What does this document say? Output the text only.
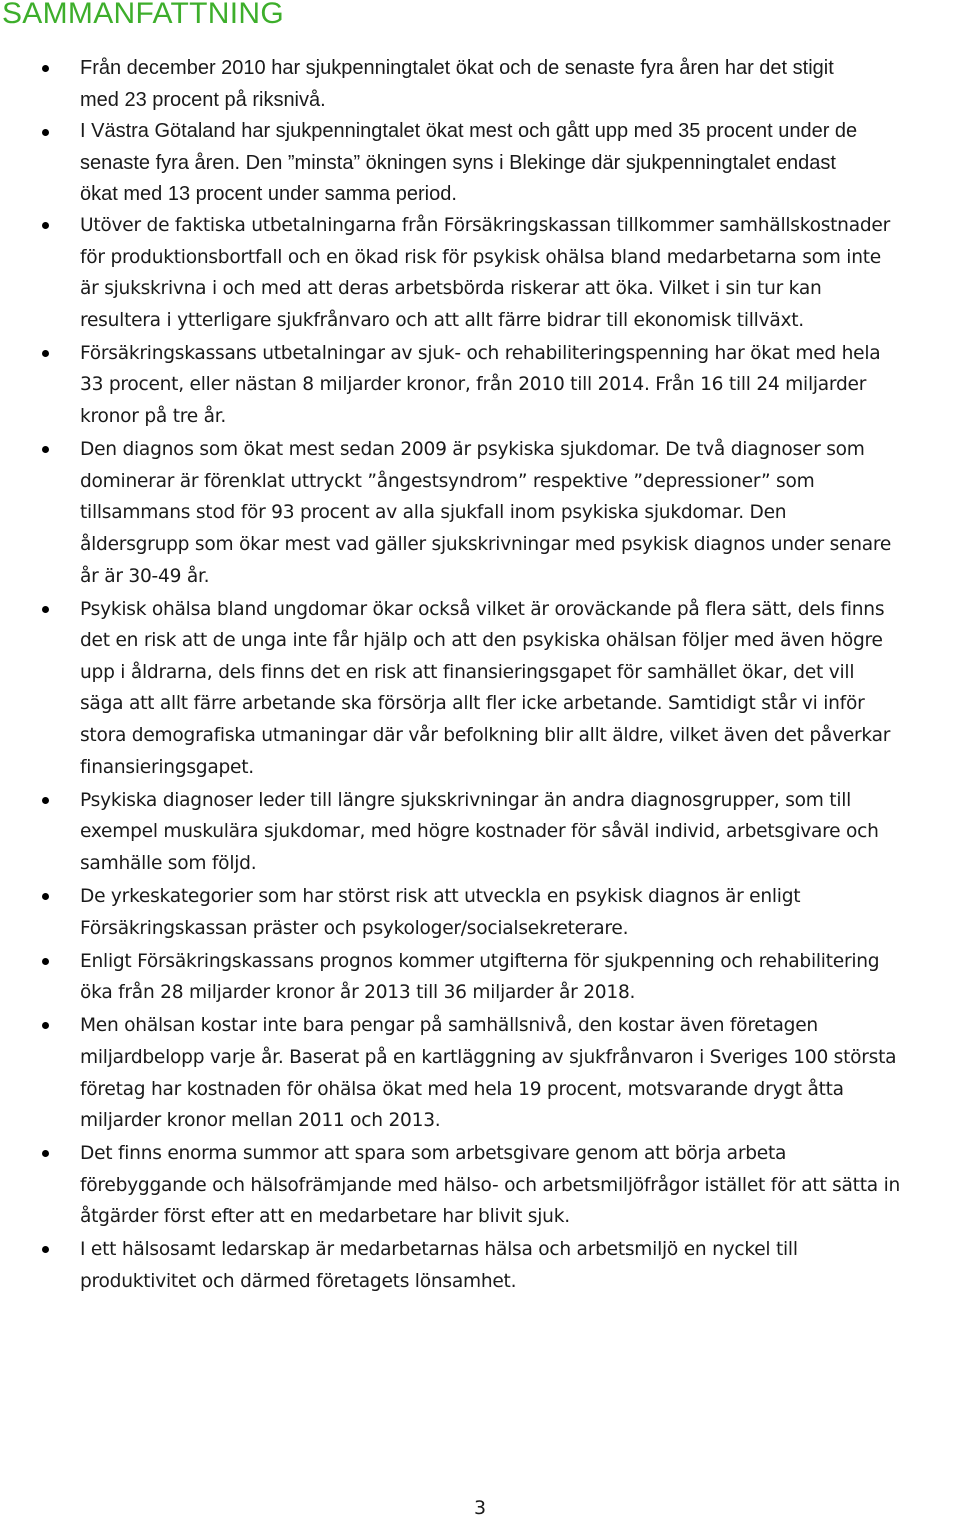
SAMMANFATTNING
Från december 2010 har sjukpenningtalet ökat och de senaste fyra åren har det stigit
med 23 procent på riksnivå.
I Västra Götaland har sjukpenningtalet ökat mest och gått upp med 35 procent under de
senaste fyra åren. Den ”minsta” ökningen syns i Blekinge där sjukpenningtalet endast
ökat med 13 procent under samma period.
Utöver de faktiska utbetalningarna från Försäkringskassan tillkommer samhällskostnader
för produktionsbortfall och en ökad risk för psykisk ohälsa bland medarbetarna som inte
är sjukskrivna i och med att deras arbetsbörda riskerar att öka. Vilket i sin tur kan
resultera i ytterligare sjukfrånvaro och att allt färre bidrar till ekonomisk tillväxt.
Försäkringskassans utbetalningar av sjuk- och rehabiliteringspenning har ökat med hela
33 procent, eller nästan 8 miljarder kronor, från 2010 till 2014. Från 16 till 24 miljarder
kronor på tre år.
Den diagnos som ökat mest sedan 2009 är psykiska sjukdomar. De två diagnoser som
dominerar är förenklat uttryckt ”ångestsyndrom” respektive ”depressioner” som
tillsammans stod för 93 procent av alla sjukfall inom psykiska sjukdomar. Den
åldersgrupp som ökar mest vad gäller sjukskrivningar med psykisk diagnos under senare
år är 30-49 år.
Psykisk ohälsa bland ungdomar ökar också vilket är oroväckande på flera sätt, dels finns
det en risk att de unga inte får hjälp och att den psykiska ohälsan följer med även högre
upp i åldrarna, dels finns det en risk att finansieringsgapet för samhället ökar, det vill
säga att allt färre arbetande ska försörja allt fler icke arbetande. Samtidigt står vi inför
stora demografiska utmaningar där vår befolkning blir allt äldre, vilket även det påverkar
finansieringsgapet.
Psykiska diagnoser leder till längre sjukskrivningar än andra diagnosgrupper, som till
exempel muskulära sjukdomar, med högre kostnader för såväl individ, arbetsgivare och
samhälle som följd.
De yrkeskategorier som har störst risk att utveckla en psykisk diagnos är enligt
Försäkringskassan präster och psykologer/socialsekreterare.
Enligt Försäkringskassans prognos kommer utgifterna för sjukpenning och rehabilitering
öka från 28 miljarder kronor år 2013 till 36 miljarder år 2018.
Men ohälsan kostar inte bara pengar på samhällsnivå, den kostar även företagen
miljardbelopp varje år. Baserat på en kartläggning av sjukfrånvaron i Sveriges 100 största
företag har kostnaden för ohälsa ökat med hela 19 procent, motsvarande drygt åtta
miljarder kronor mellan 2011 och 2013.
Det finns enorma summor att spara som arbetsgivare genom att börja arbeta
förebyggande och hälsofrämjande med hälso- och arbetsmiljöfrågor istället för att sätta in
åtgärder först efter att en medarbetare har blivit sjuk.
I ett hälsosamt ledarskap är medarbetarnas hälsa och arbetsmiljö en nyckel till
produktivitet och därmed företagets lönsamhet.
3
